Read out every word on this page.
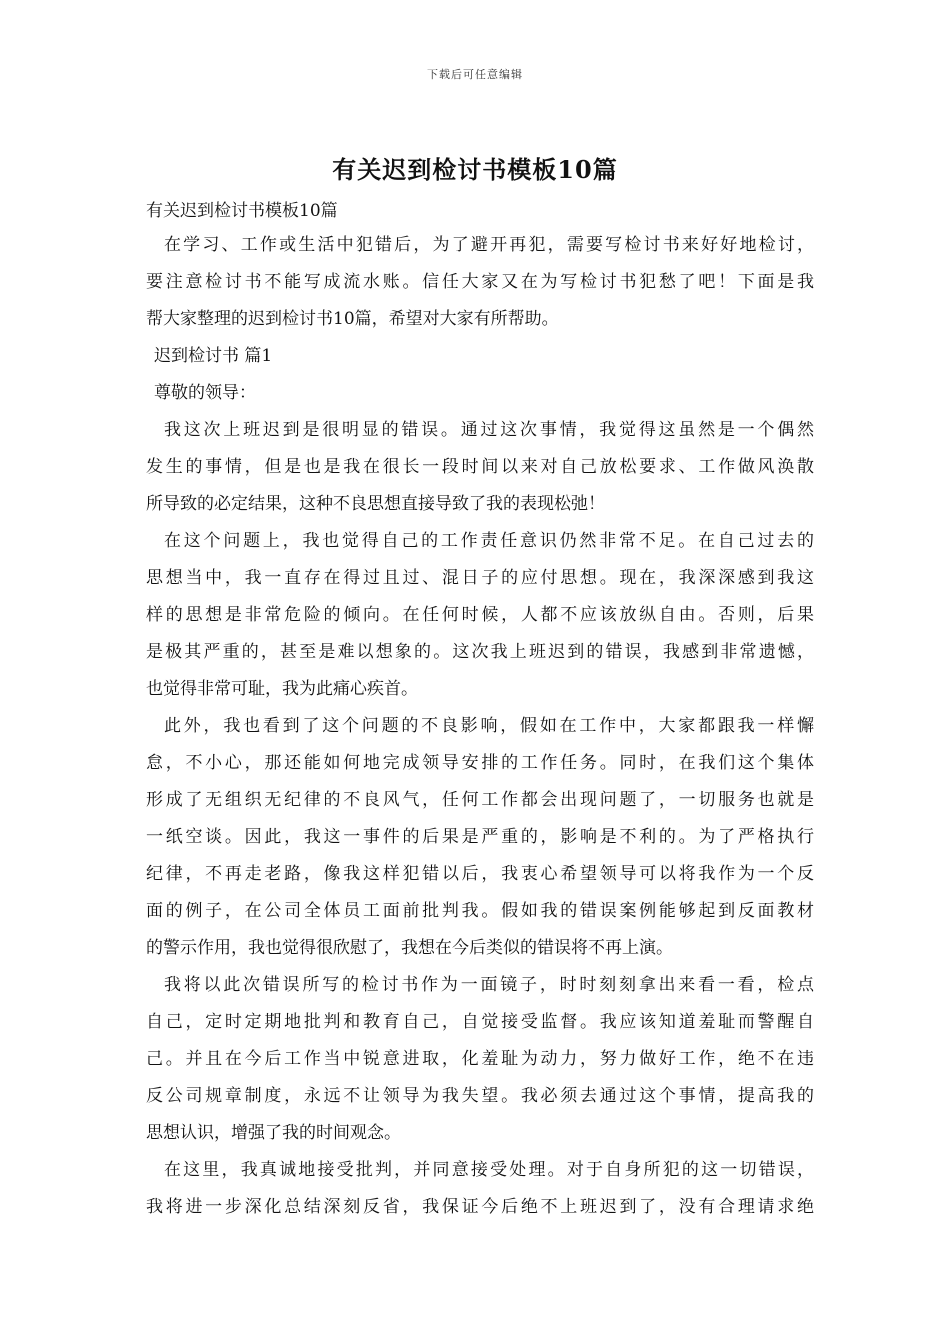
下载后可任意编辑
有关迟到检讨书模板10篇
有关迟到检讨书模板10篇
在学习、工作或生活中犯错后，为了避开再犯，需要写检讨书来好好地检讨，
要注意检讨书不能写成流水账。信任大家又在为写检讨书犯愁了吧！下面是我
帮大家整理的迟到检讨书10篇，希望对大家有所帮助。
迟到检讨书 篇1
尊敬的领导：
我这次上班迟到是很明显的错误。通过这次事情，我觉得这虽然是一个偶然
发生的事情，但是也是我在很长一段时间以来对自己放松要求、工作做风涣散
所导致的必定结果，这种不良思想直接导致了我的表现松弛！
在这个问题上，我也觉得自己的工作责任意识仍然非常不足。在自己过去的
思想当中，我一直存在得过且过、混日子的应付思想。现在，我深深感到我这
样的思想是非常危险的倾向。在任何时候，人都不应该放纵自由。否则，后果
是极其严重的，甚至是难以想象的。这次我上班迟到的错误，我感到非常遗憾，
也觉得非常可耻，我为此痛心疾首。
此外，我也看到了这个问题的不良影响，假如在工作中，大家都跟我一样懈
怠，不小心，那还能如何地完成领导安排的工作任务。同时，在我们这个集体
形成了无组织无纪律的不良风气，任何工作都会出现问题了，一切服务也就是
一纸空谈。因此，我这一事件的后果是严重的，影响是不利的。为了严格执行
纪律，不再走老路，像我这样犯错以后，我衷心希望领导可以将我作为一个反
面的例子，在公司全体员工面前批判我。假如我的错误案例能够起到反面教材
的警示作用，我也觉得很欣慰了，我想在今后类似的错误将不再上演。
我将以此次错误所写的检讨书作为一面镜子，时时刻刻拿出来看一看，检点
自己，定时定期地批判和教育自己，自觉接受监督。我应该知道羞耻而警醒自
己。并且在今后工作当中锐意进取，化羞耻为动力，努力做好工作，绝不在违
反公司规章制度，永远不让领导为我失望。我必须去通过这个事情，提高我的
思想认识，增强了我的时间观念。
在这里，我真诚地接受批判，并同意接受处理。对于自身所犯的这一切错误，
我将进一步深化总结深刻反省，我保证今后绝不上班迟到了，没有合理请求绝
